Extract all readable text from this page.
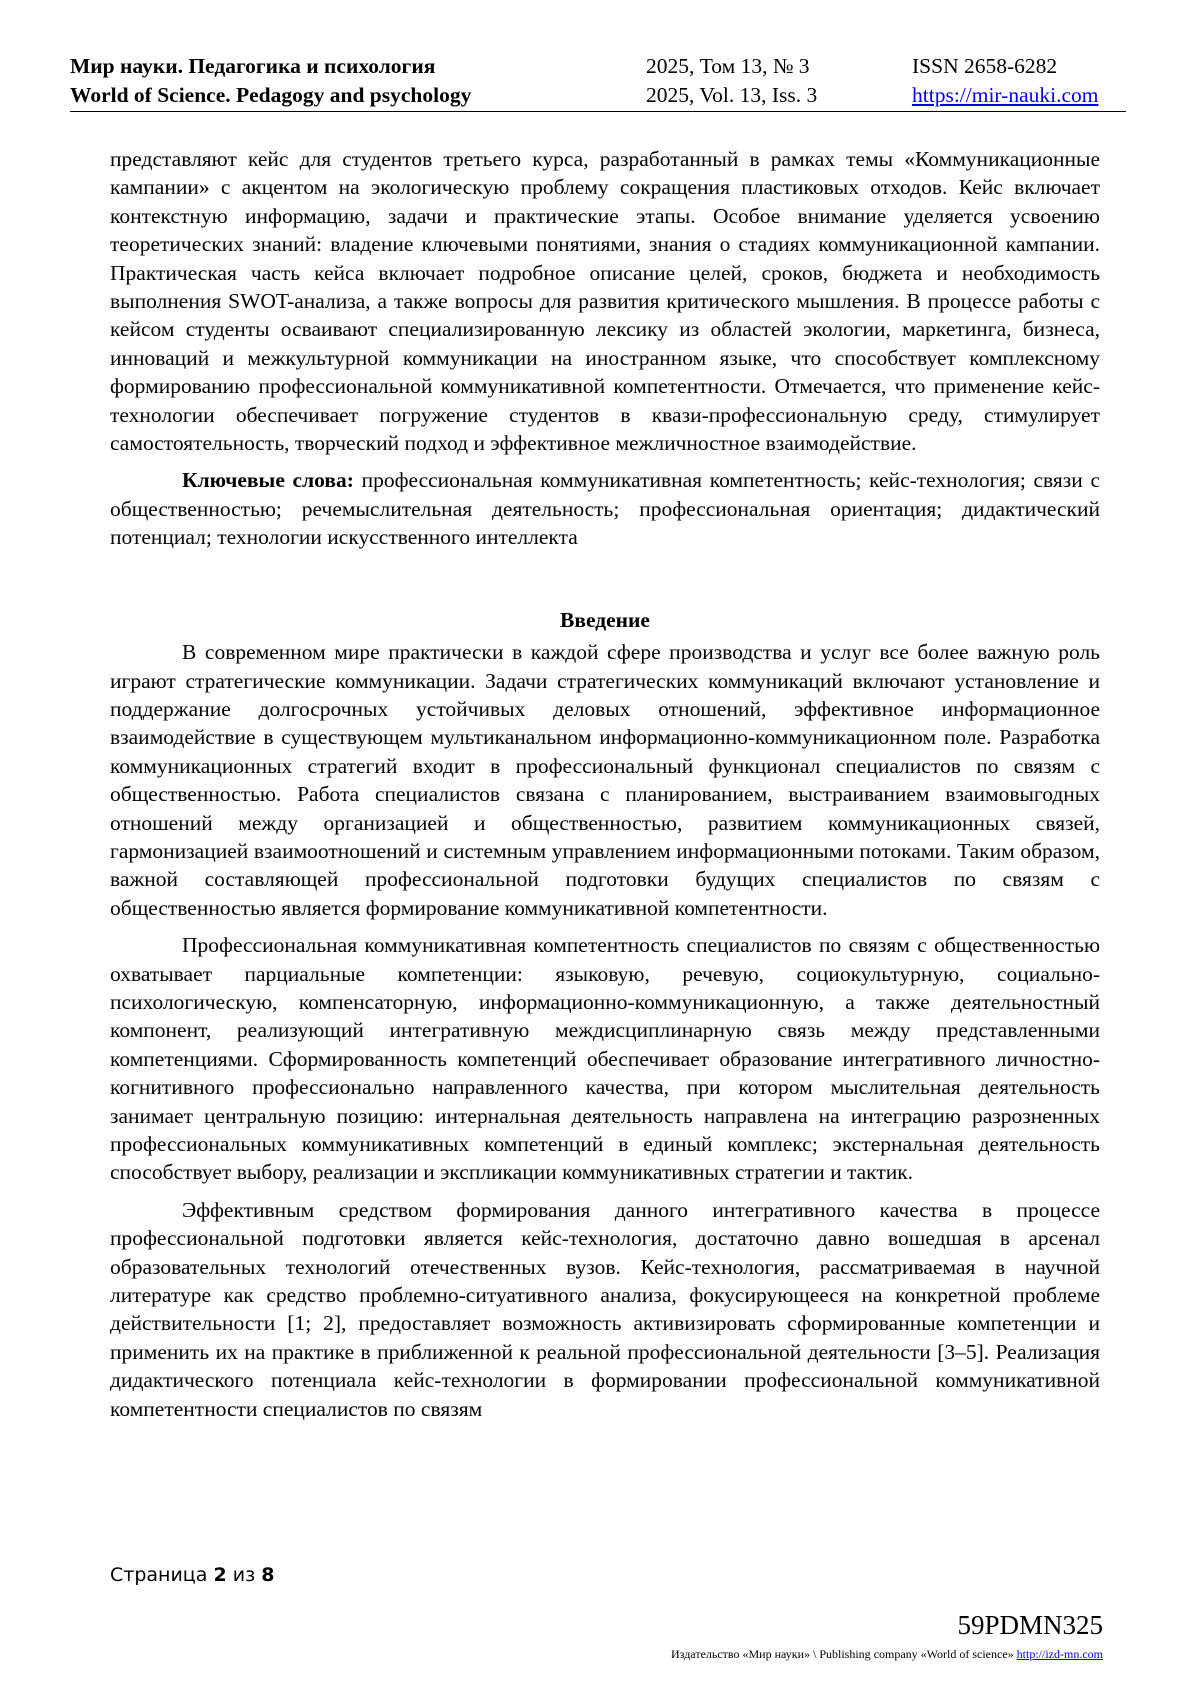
Мир науки. Педагогика и психология
World of Science. Pedagogy and psychology
2025, Том 13, № 3
2025, Vol. 13, Iss. 3
ISSN 2658-6282
https://mir-nauki.com

представляют кейс для студентов третьего курса, разработанный в рамках темы «Коммуникационные кампании» с акцентом на экологическую проблему сокращения пластиковых отходов. Кейс включает контекстную информацию, задачи и практические этапы. Особое внимание уделяется усвоению теоретических знаний: владение ключевыми понятиями, знания о стадиях коммуникационной кампании. Практическая часть кейса включает подробное описание целей, сроков, бюджета и необходимость выполнения SWOT-анализа, а также вопросы для развития критического мышления. В процессе работы с кейсом студенты осваивают специализированную лексику из областей экологии, маркетинга, бизнеса, инноваций и межкультурной коммуникации на иностранном языке, что способствует комплексному формированию профессиональной коммуникативной компетентности. Отмечается, что применение кейс-технологии обеспечивает погружение студентов в квази-профессиональную среду, стимулирует самостоятельность, творческий подход и эффективное межличностное взаимодействие.

Ключевые слова: профессиональная коммуникативная компетентность; кейс-технология; связи с общественностью; речемыслительная деятельность; профессиональная ориентация; дидактический потенциал; технологии искусственного интеллекта

Введение

В современном мире практически в каждой сфере производства и услуг все более важную роль играют стратегические коммуникации. Задачи стратегических коммуникаций включают установление и поддержание долгосрочных устойчивых деловых отношений, эффективное информационное взаимодействие в существующем мультиканальном информационно-коммуникационном поле. Разработка коммуникационных стратегий входит в профессиональный функционал специалистов по связям с общественностью. Работа специалистов связана с планированием, выстраиванием взаимовыгодных отношений между организацией и общественностью, развитием коммуникационных связей, гармонизацией взаимоотношений и системным управлением информационными потоками. Таким образом, важной составляющей профессиональной подготовки будущих специалистов по связям с общественностью является формирование коммуникативной компетентности.

Профессиональная коммуникативная компетентность специалистов по связям с общественностью охватывает парциальные компетенции: языковую, речевую, социокультурную, социально-психологическую, компенсаторную, информационно-коммуникационную, а также деятельностный компонент, реализующий интегративную междисциплинарную связь между представленными компетенциями. Сформированность компетенций обеспечивает образование интегративного личностно-когнитивного профессионально направленного качества, при котором мыслительная деятельность занимает центральную позицию: интернальная деятельность направлена на интеграцию разрозненных профессиональных коммуникативных компетенций в единый комплекс; экстернальная деятельность способствует выбору, реализации и экспликации коммуникативных стратегии и тактик.

Эффективным средством формирования данного интегративного качества в процессе профессиональной подготовки является кейс-технология, достаточно давно вошедшая в арсенал образовательных технологий отечественных вузов. Кейс-технология, рассматриваемая в научной литературе как средство проблемно-ситуативного анализа, фокусирующееся на конкретной проблеме действительности [1; 2], предоставляет возможность активизировать сформированные компетенции и применить их на практике в приближенной к реальной профессиональной деятельности [3–5]. Реализация дидактического потенциала кейс-технологии в формировании профессиональной коммуникативной компетентности специалистов по связям

Страница 2 из 8
59PDMN325
Издательство «Мир науки» \ Publishing company «World of science» http://izd-mn.com
